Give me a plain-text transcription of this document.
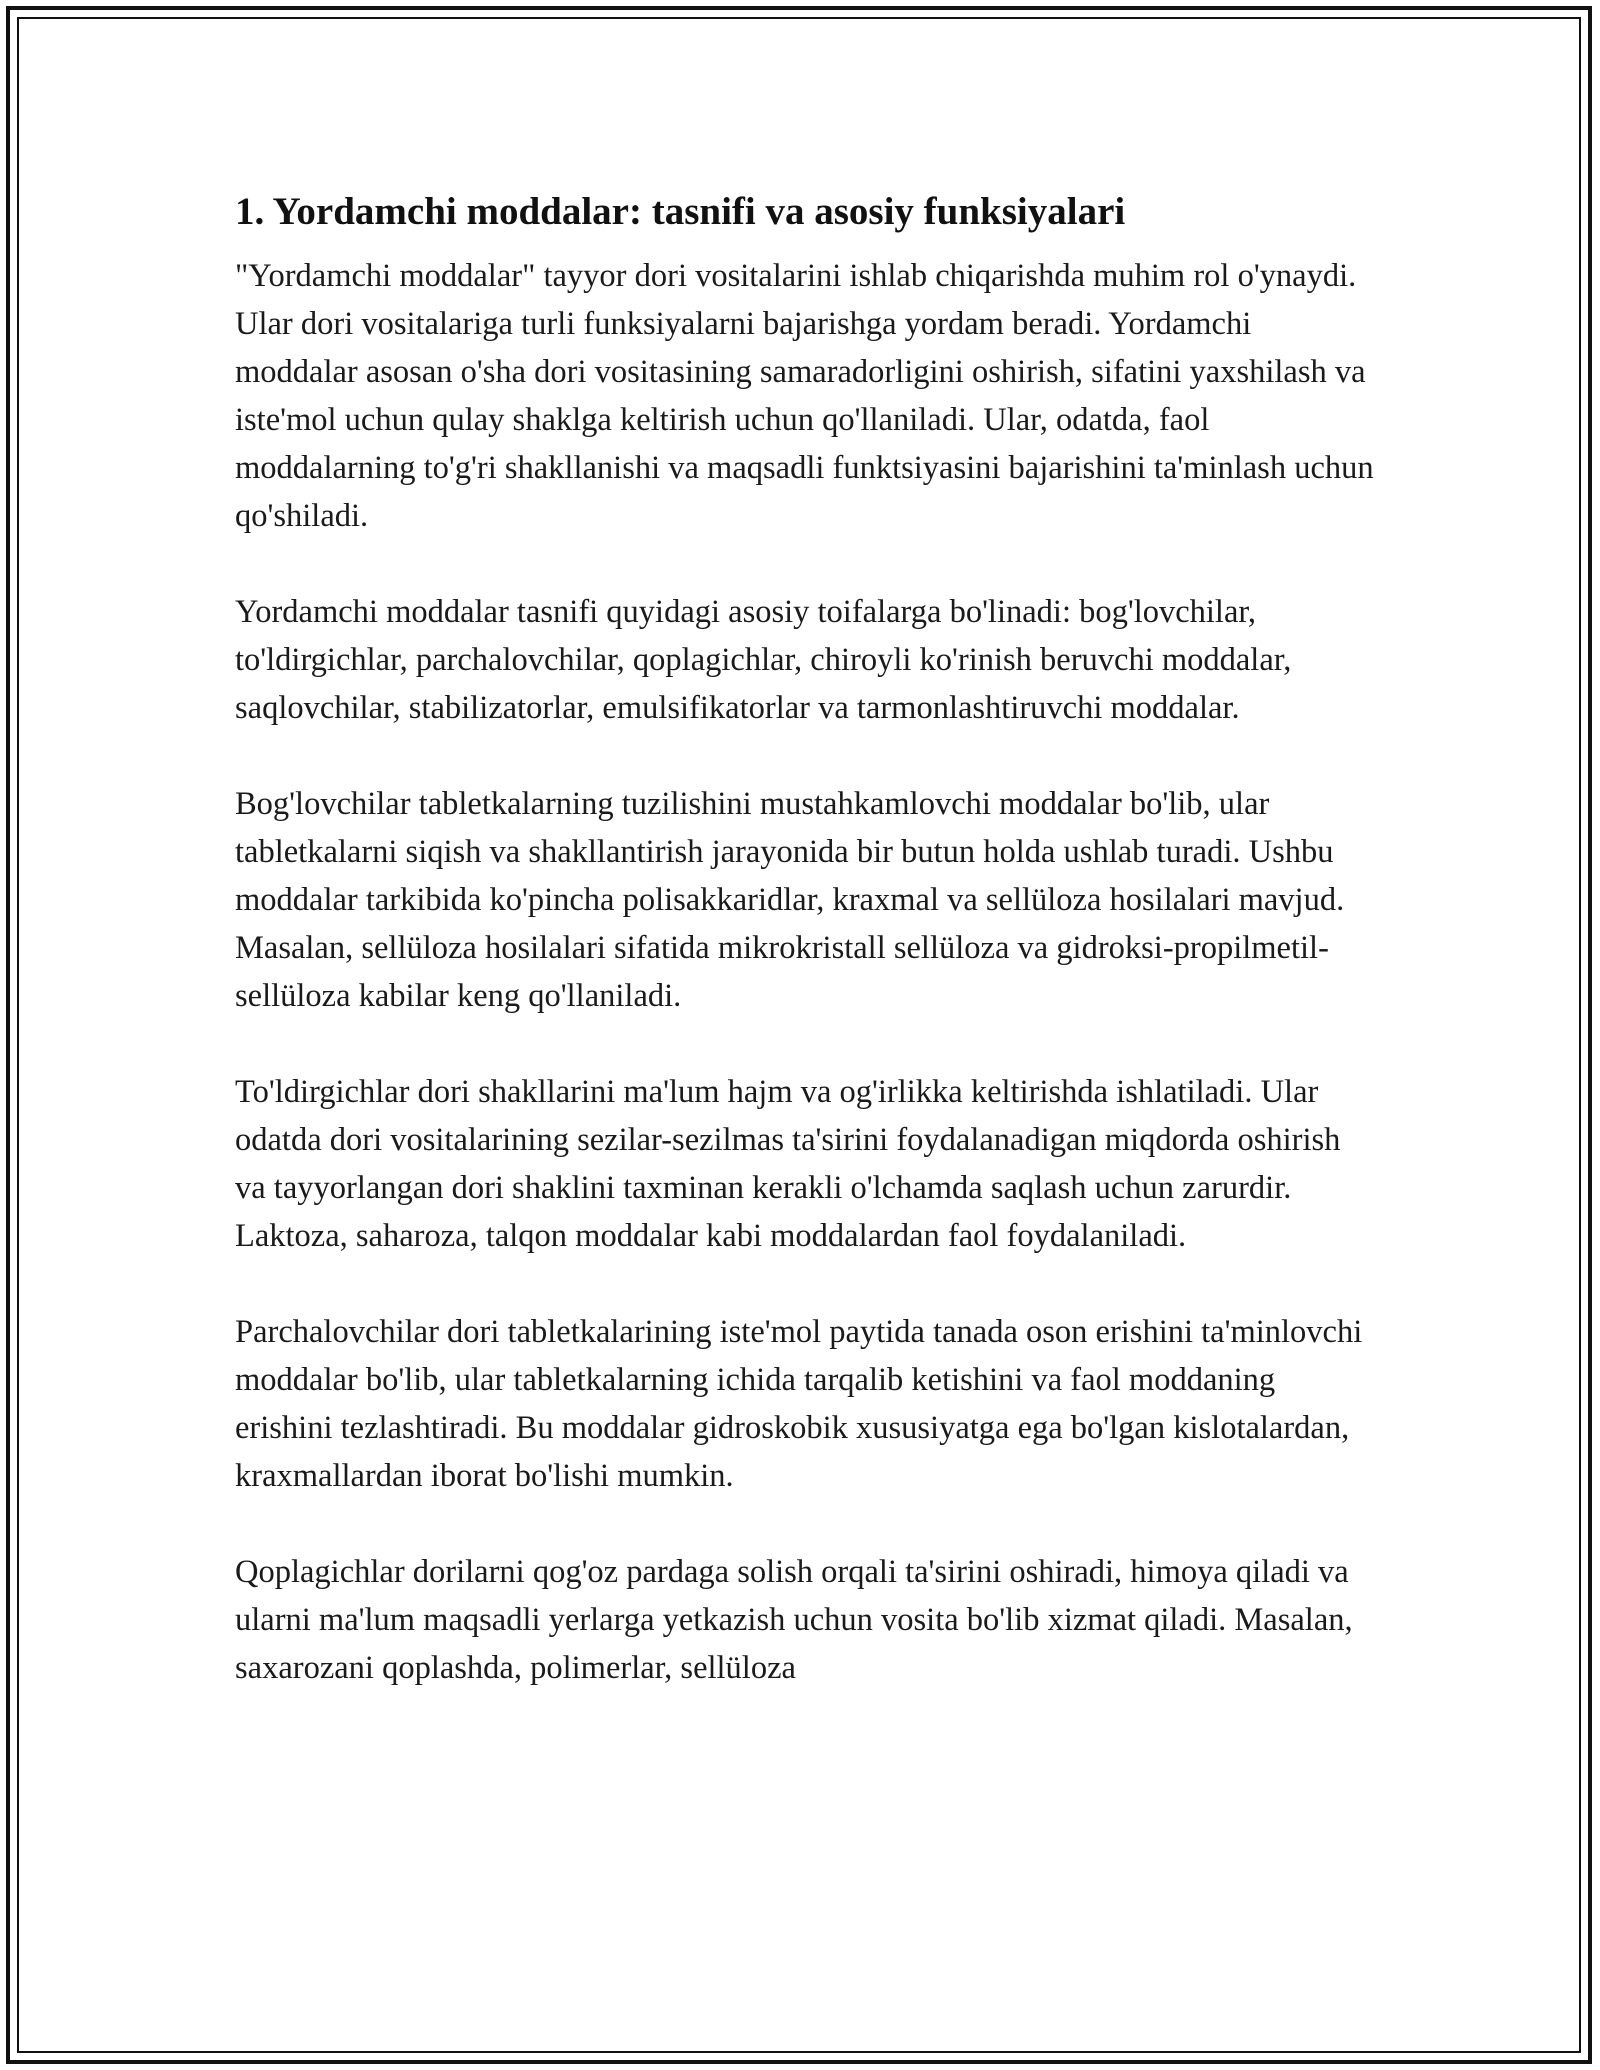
1. Yordamchi moddalar: tasnifi va asosiy funksiyalari

"Yordamchi moddalar" tayyor dori vositalarini ishlab chiqarishda muhim rol o'ynaydi. Ular dori vositalariga turli funksiyalarni bajarishga yordam beradi. Yordamchi moddalar asosan o'sha dori vositasining samaradorligini oshirish, sifatini yaxshilash va iste'mol uchun qulay shaklga keltirish uchun qo'llaniladi. Ular, odatda, faol moddalarning to'g'ri shakllanishi va maqsadli funktsiyasini bajarishini ta'minlash uchun qo'shiladi.

Yordamchi moddalar tasnifi quyidagi asosiy toifalarga bo'linadi: bog'lovchilar, to'ldirgichlar, parchalovchilar, qoplagichlar, chiroyli ko'rinish beruvchi moddalar, saqlovchilar, stabilizatorlar, emulsifikatorlar va tarmonlashtiruvchi moddalar.

Bog'lovchilar tabletkalarning tuzilishini mustahkamlovchi moddalar bo'lib, ular tabletkalarni siqish va shakllantirish jarayonida bir butun holda ushlab turadi. Ushbu moddalar tarkibida ko'pincha polisakkaridlar, kraxmal va sellüloza hosilalari mavjud. Masalan, sellüloza hosilalari sifatida mikrokristall sellüloza va gidroksi-propilmetil-sellüloza kabilar keng qo'llaniladi.

To'ldirgichlar dori shakllarini ma'lum hajm va og'irlikka keltirishda ishlatiladi. Ular odatda dori vositalarining sezilar-sezilmas ta'sirini foydalanadigan miqdorda oshirish va tayyorlangan dori shaklini taxminan kerakli o'lchamda saqlash uchun zarurdir. Laktoza, saharoza, talqon moddalar kabi moddalardan faol foydalaniladi.

Parchalovchilar dori tabletkalarining iste'mol paytida tanada oson erishini ta'minlovchi moddalar bo'lib, ular tabletkalarning ichida tarqalib ketishini va faol moddaning erishini tezlashtiradi. Bu moddalar gidroskobik xususiyatga ega bo'lgan kislotalardan, kraxmallardan iborat bo'lishi mumkin.

Qoplagichlar dorilarni qog'oz pardaga solish orqali ta'sirini oshiradi, himoya qiladi va ularni ma'lum maqsadli yerlarga yetkazish uchun vosita bo'lib xizmat qiladi. Masalan, saxarozani qoplashda, polimerlar, sellüloza
